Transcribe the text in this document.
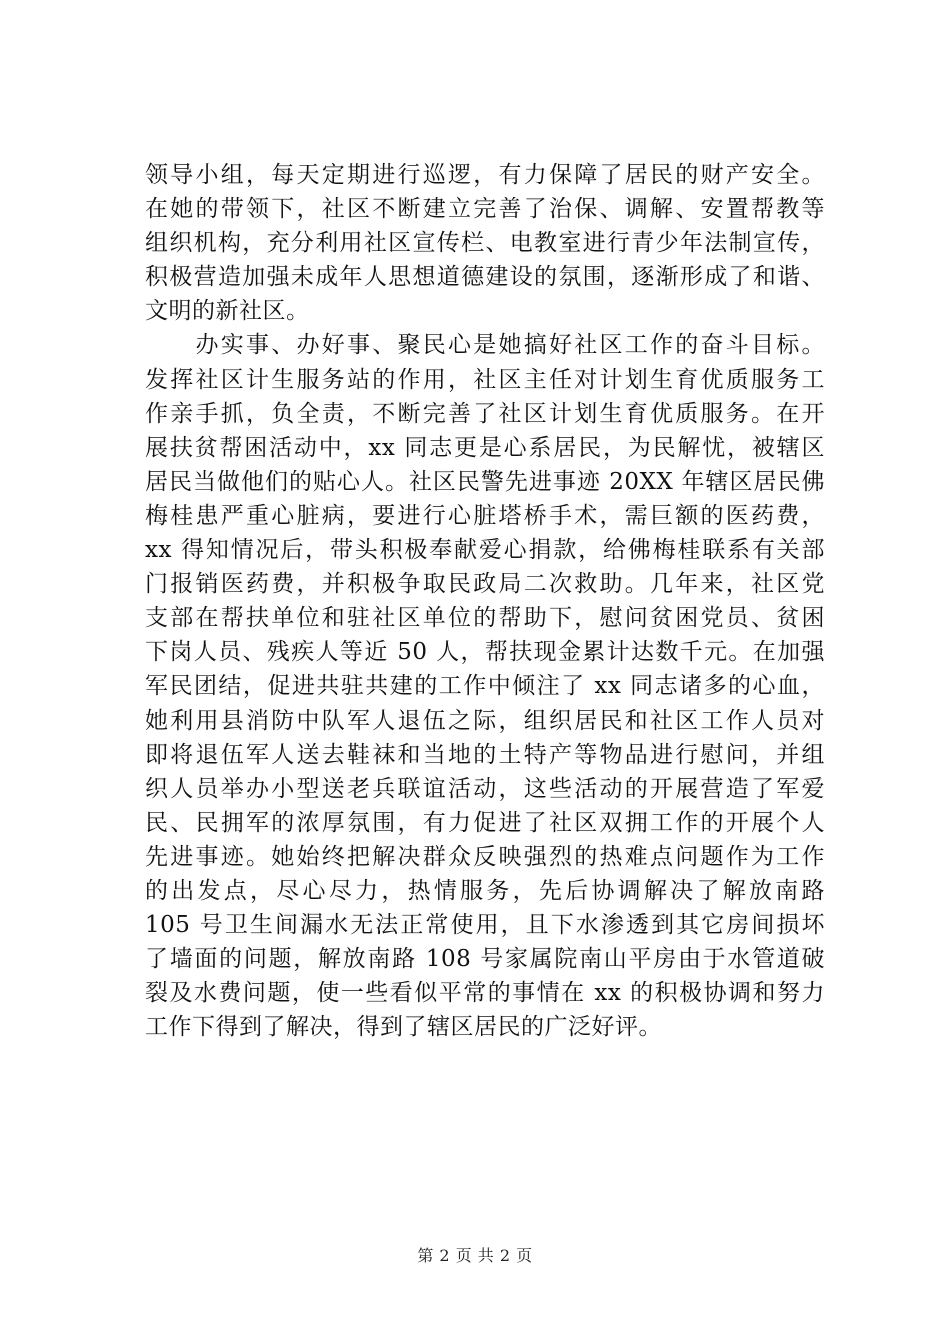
领导小组，每天定期进行巡逻，有力保障了居民的财产安全。
在她的带领下，社区不断建立完善了治保、调解、安置帮教等
组织机构，充分利用社区宣传栏、电教室进行青少年法制宣传，
积极营造加强未成年人思想道德建设的氛围，逐渐形成了和谐、
文明的新社区。
　　办实事、办好事、聚民心是她搞好社区工作的奋斗目标。
发挥社区计生服务站的作用，社区主任对计划生育优质服务工
作亲手抓，负全责，不断完善了社区计划生育优质服务。在开
展扶贫帮困活动中，xx 同志更是心系居民，为民解忧，被辖区
居民当做他们的贴心人。社区民警先进事迹 20XX 年辖区居民佛
梅桂患严重心脏病，要进行心脏塔桥手术，需巨额的医药费，
xx 得知情况后，带头积极奉献爱心捐款，给佛梅桂联系有关部
门报销医药费，并积极争取民政局二次救助。几年来，社区党
支部在帮扶单位和驻社区单位的帮助下，慰问贫困党员、贫困
下岗人员、残疾人等近 50 人，帮扶现金累计达数千元。在加强
军民团结，促进共驻共建的工作中倾注了 xx 同志诸多的心血，
她利用县消防中队军人退伍之际，组织居民和社区工作人员对
即将退伍军人送去鞋袜和当地的土特产等物品进行慰问，并组
织人员举办小型送老兵联谊活动，这些活动的开展营造了军爱
民、民拥军的浓厚氛围，有力促进了社区双拥工作的开展个人
先进事迹。她始终把解决群众反映强烈的热难点问题作为工作
的出发点，尽心尽力，热情服务，先后协调解决了解放南路
105 号卫生间漏水无法正常使用，且下水渗透到其它房间损坏
了墙面的问题，解放南路 108 号家属院南山平房由于水管道破
裂及水费问题，使一些看似平常的事情在 xx 的积极协调和努力
工作下得到了解决，得到了辖区居民的广泛好评。
第 2 页 共 2 页
